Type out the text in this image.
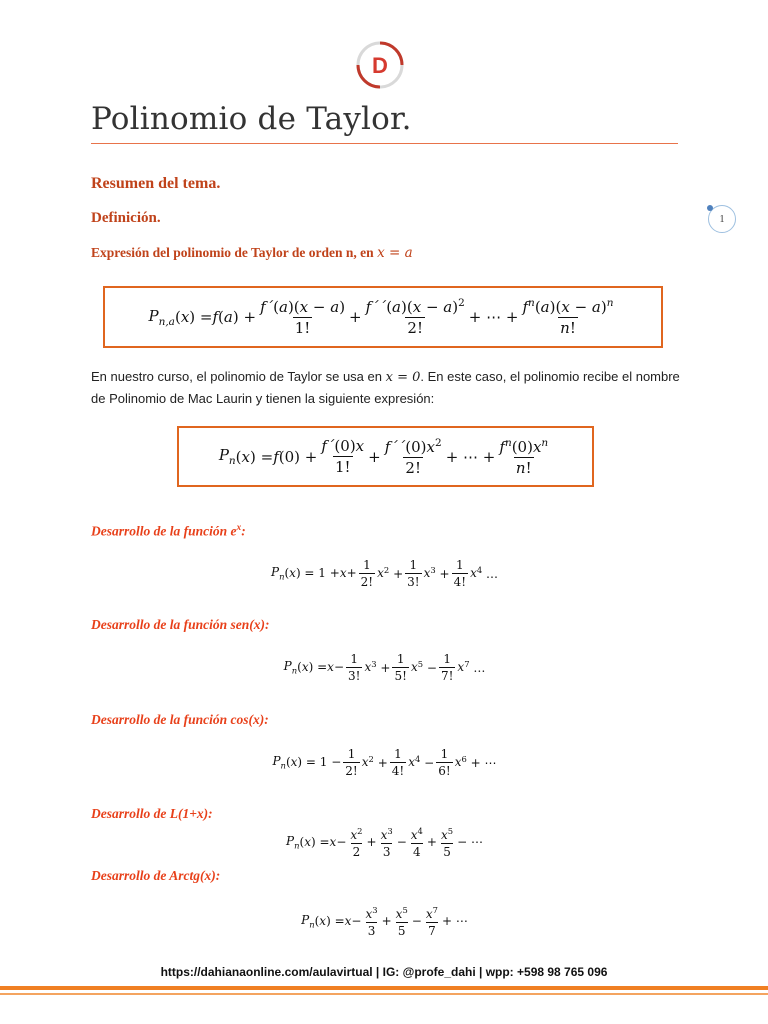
D
Polinomio de Taylor.
Resumen del tema.
Definición.	1

Expresión del polinomio de Taylor de orden n, en x = a

$P_{n,a}$ ( x ) = f ( a ) + $\frac{f´(a)(x - a)}{1!} + \frac{f´´(a)(x - a)^2}{2!}$ + ⋯ + $\frac{f^n(a)(x - a)^n}{n!}$

En nuestro curso, el polinomio de Taylor se usa en x = 0. En este caso, el polinomio recibe el nombre de Polinomio de Mac Laurin y tienen la siguiente expresión:

$P_n$ ( x ) = f $(0) + \frac{f´(0)x}{1!} + \frac{f´´(0)x^2}{2!}$ + ⋯ + $\frac{f^n(0)x^n}{n!}$

Desarrollo de la función $e^x$:

$P_n$ ( x ) = $1 + x + \frac{1}{2!}$ x $^2 + \frac{1}{3!}$ x $^3 + \frac{1}{4!}$ x $^4$ …

Desarrollo de la función sen(x):

$P_n$ ( x ) = $x - \frac{1}{3!}$ x $^3 + \frac{1}{5!}$ x $^5 - \frac{1}{7!}$ x $^7$ …

Desarrollo de la función cos(x):

$P_n$ ( x ) = $1 - \frac{1}{2!}$ x $^2 + \frac{1}{4!}$ x $^4 - \frac{1}{6!}$ x $^6$ + ⋯

Desarrollo de L(1+x):

$P_n$ ( x ) = $x - \frac{x^2}{2} + \frac{x^3}{3} - \frac{x^4}{4} + \frac{x^5}{5}$ − ⋯

Desarrollo de Arctg(x):

$P_n$ ( x ) = $x - \frac{x^3}{3} + \frac{x^5}{5} - \frac{x^7}{7}$ + ⋯
https://dahianaonline.com/aulavirtual | IG: @profe_dahi | wpp: +598 98 765 096
